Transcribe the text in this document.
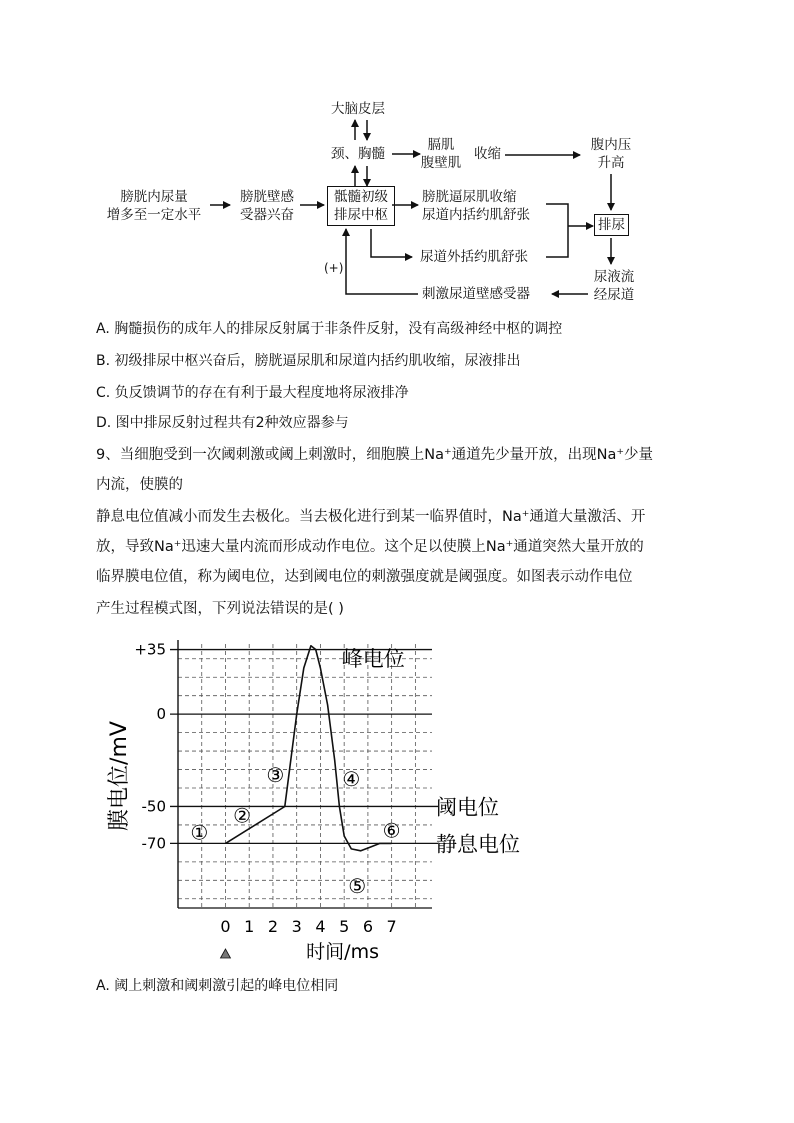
大脑皮层
颈、胸髓
膈肌
腹壁肌
收缩
腹内压
升高
膀胱内尿量
增多至一定水平
膀胱壁感
受器兴奋
骶髓初级
排尿中枢
膀胱逼尿肌收缩
尿道内括约肌舒张
排尿
尿道外括约肌舒张
(+)
尿液流
经尿道
刺激尿道壁感受器
A. 胸髓损伤的成年人的排尿反射属于非条件反射，没有高级神经中枢的调控
B. 初级排尿中枢兴奋后，膀胱逼尿肌和尿道内括约肌收缩，尿液排出
C. 负反馈调节的存在有利于最大程度地将尿液排净
D. 图中排尿反射过程共有2种效应器参与
9、当细胞受到一次阈刺激或阈上刺激时，细胞膜上Na⁺通道先少量开放，出现Na⁺少量
内流，使膜的
静息电位值减小而发生去极化。当去极化进行到某一临界值时，Na⁺通道大量激活、开
放，导致Na⁺迅速大量内流而形成动作电位。这个足以使膜上Na⁺通道突然大量开放的
临界膜电位值，称为阈电位，达到阈电位的刺激强度就是阈强度。如图表示动作电位
产生过程模式图，下列说法错误的是( )
+35
0
-50
-70
0 1 2 3 4 5 6 7
膜电位/mV
时间/ms
阈电位
静息电位
峰电位
①
②
③	④
⑤
⑥
A. 阈上刺激和阈刺激引起的峰电位相同
